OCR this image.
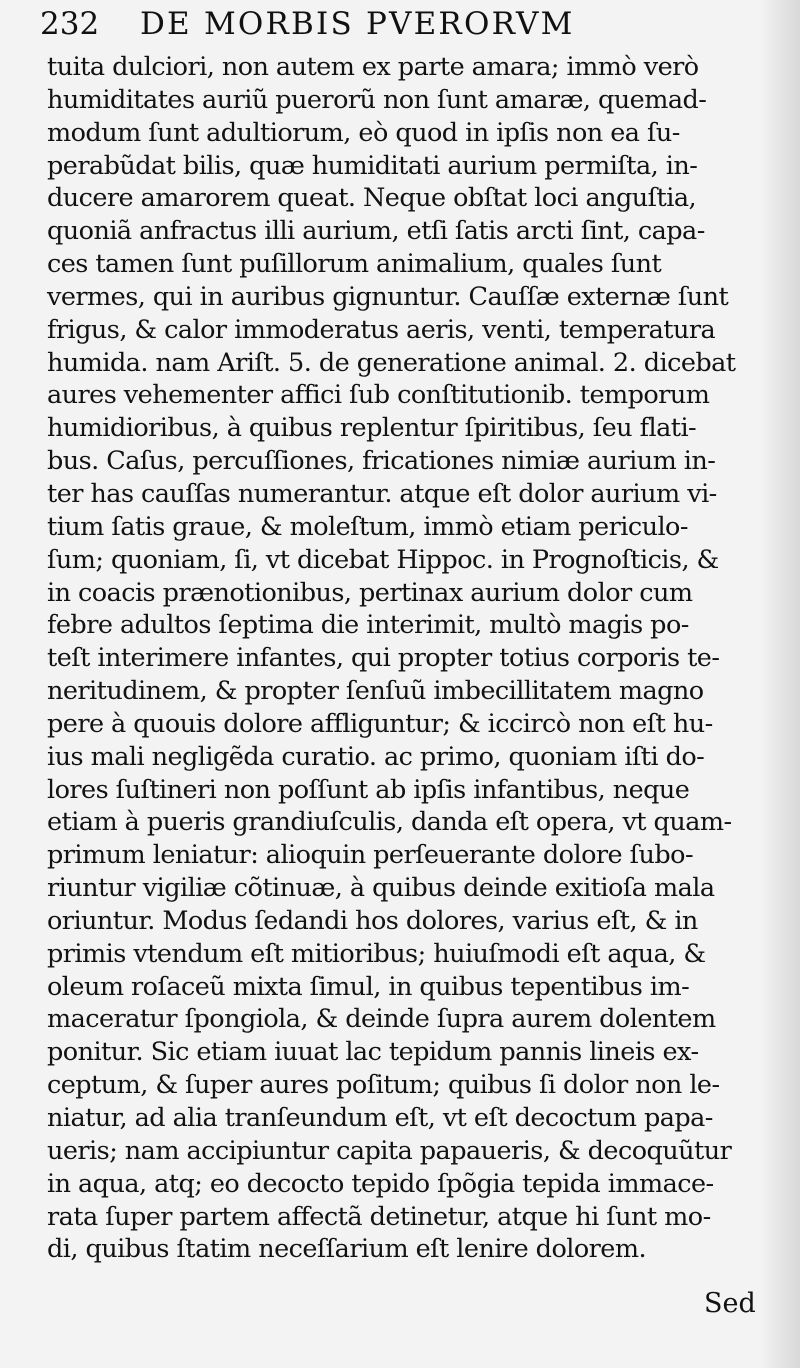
232 DE MORBIS PVERORVM
tuita dulciori, non autem ex parte amara; immò verò
humiditates auriũ puerorũ non ſunt amaræ, quemad-
modum ſunt adultiorum, eò quod in ipſis non ea ſu-
perabũdat bilis, quæ humiditati aurium permiſta, in-
ducere amarorem queat. Neque obſtat loci anguſtia,
quoniã anfractus illi aurium, etſi ſatis arcti ſint, capa-
ces tamen ſunt puſillorum animalium, quales ſunt
vermes, qui in auribus gignuntur. Cauſſæ externæ ſunt
frigus, & calor immoderatus aeris, venti, temperatura
humida. nam Ariſt. 5. de generatione animal. 2. dicebat
aures vehementer affici ſub conſtitutionib. temporum
humidioribus, à quibus replentur ſpiritibus, ſeu flati-
bus. Caſus, percuſſiones, fricationes nimiæ aurium in-
ter has cauſſas numerantur. atque eſt dolor aurium vi-
tium ſatis graue, & moleſtum, immò etiam periculo-
ſum; quoniam, ſi, vt dicebat Hippoc. in Prognoſticis, &
in coacis prænotionibus, pertinax aurium dolor cum
febre adultos ſeptima die interimit, multò magis po-
teſt interimere infantes, qui propter totius corporis te-
neritudinem, & propter ſenſuũ imbecillitatem magno
pere à quouis dolore affliguntur; & iccircò non eſt hu-
ius mali negligẽda curatio. ac primo, quoniam iſti do-
lores ſuſtineri non poſſunt ab ipſis infantibus, neque
etiam à pueris grandiuſculis, danda eſt opera, vt quam-
primum leniatur: alioquin perſeuerante dolore ſubo-
riuntur vigiliæ cõtinuæ, à quibus deinde exitioſa mala
oriuntur. Modus ſedandi hos dolores, varius eſt, & in
primis vtendum eſt mitioribus; huiuſmodi eſt aqua, &
oleum roſaceũ mixta ſimul, in quibus tepentibus im-
maceratur ſpongiola, & deinde ſupra aurem dolentem
ponitur. Sic etiam iuuat lac tepidum pannis lineis ex-
ceptum, & ſuper aures poſitum; quibus ſi dolor non le-
niatur, ad alia tranſeundum eſt, vt eſt decoctum papa-
ueris; nam accipiuntur capita papaueris, & decoquũtur
in aqua, atq; eo decocto tepido ſpõgia tepida immace-
rata ſuper partem affectã detinetur, atque hi ſunt mo-
di, quibus ſtatim neceſſarium eſt lenire dolorem.
Sed
